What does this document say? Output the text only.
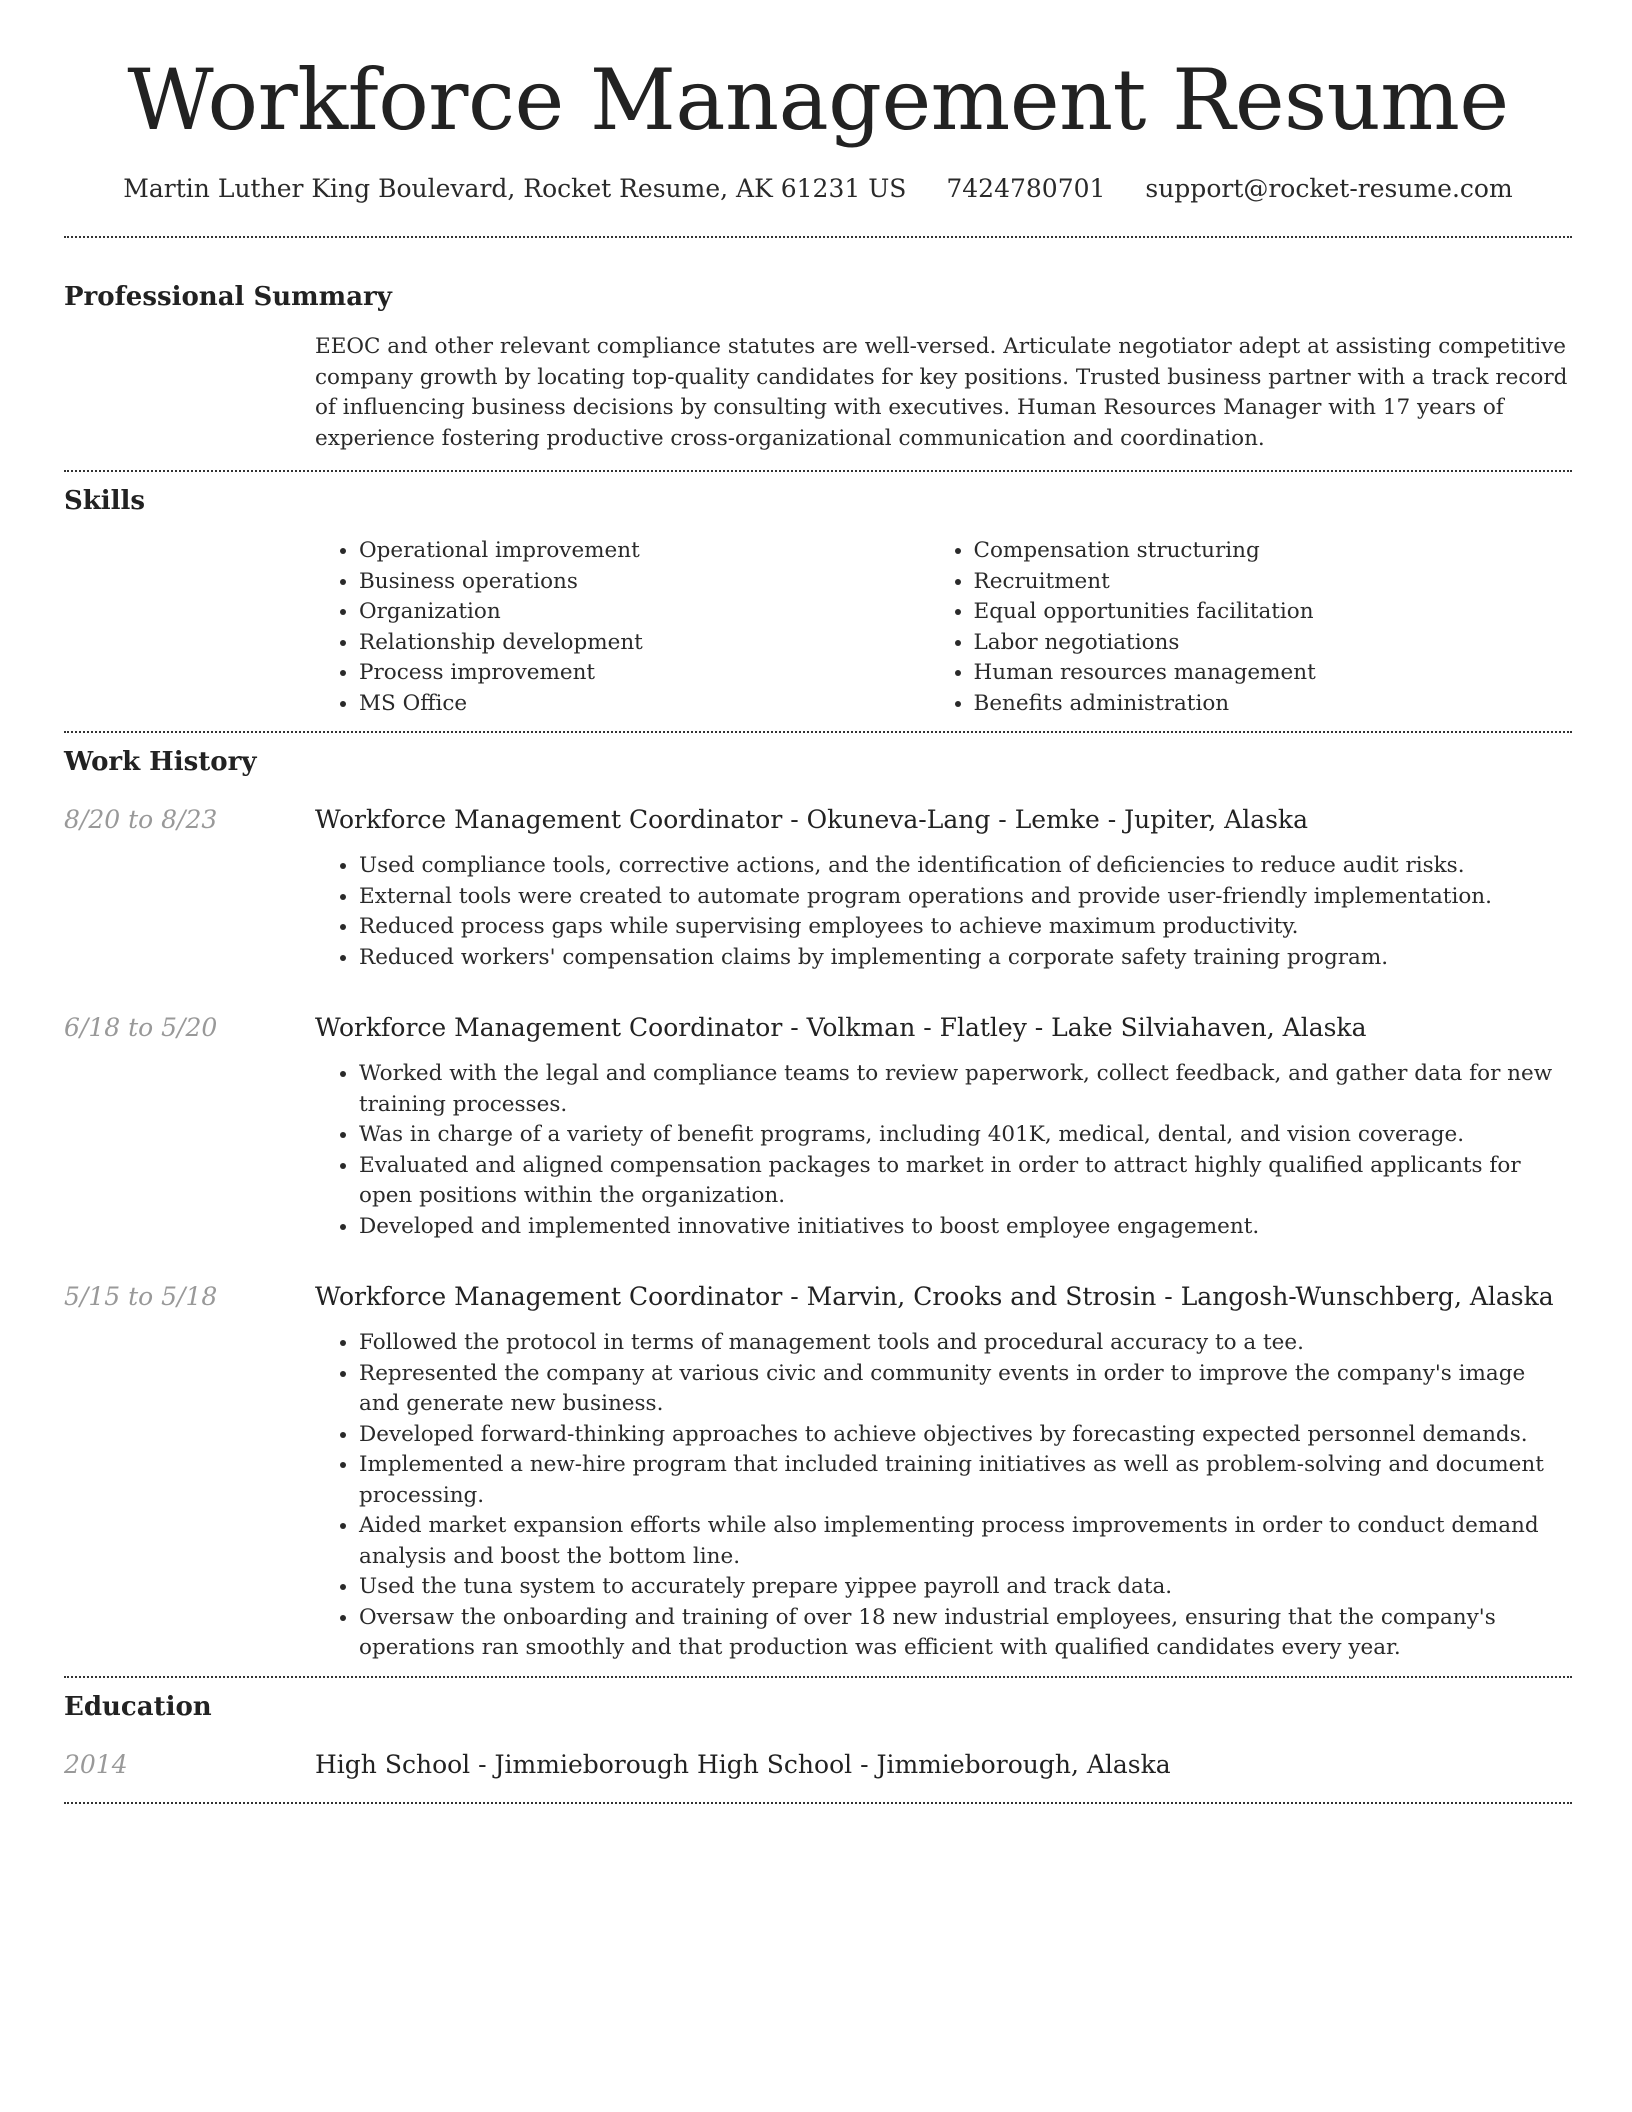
Workforce Management Resume
Martin Luther King Boulevard, Rocket Resume, AK 61231 US 7424780701 support@rocket-resume.com
Professional Summary
EEOC and other relevant compliance statutes are well-versed. Articulate negotiator adept at assisting competitive company growth by locating top-quality candidates for key positions. Trusted business partner with a track record of influencing business decisions by consulting with executives. Human Resources Manager with 17 years of experience fostering productive cross-organizational communication and coordination.
Skills
• Operational improvement
• Business operations
• Organization
• Relationship development
• Process improvement
• MS Office
• Compensation structuring
• Recruitment
• Equal opportunities facilitation
• Labor negotiations
• Human resources management
• Benefits administration
Work History
8/20 to 8/23	Workforce Management Coordinator - Okuneva-Lang - Lemke - Jupiter, Alaska
• Used compliance tools, corrective actions, and the identification of deficiencies to reduce audit risks.
• External tools were created to automate program operations and provide user-friendly implementation.
• Reduced process gaps while supervising employees to achieve maximum productivity.
• Reduced workers' compensation claims by implementing a corporate safety training program.
6/18 to 5/20	Workforce Management Coordinator - Volkman - Flatley - Lake Silviahaven, Alaska
• Worked with the legal and compliance teams to review paperwork, collect feedback, and gather data for new training processes.
• Was in charge of a variety of benefit programs, including 401K, medical, dental, and vision coverage.
• Evaluated and aligned compensation packages to market in order to attract highly qualified applicants for open positions within the organization.
• Developed and implemented innovative initiatives to boost employee engagement.
5/15 to 5/18	Workforce Management Coordinator - Marvin, Crooks and Strosin - Langosh-Wunschberg, Alaska
• Followed the protocol in terms of management tools and procedural accuracy to a tee.
• Represented the company at various civic and community events in order to improve the company's image and generate new business.
• Developed forward-thinking approaches to achieve objectives by forecasting expected personnel demands.
• Implemented a new-hire program that included training initiatives as well as problem-solving and document processing.
• Aided market expansion efforts while also implementing process improvements in order to conduct demand analysis and boost the bottom line.
• Used the tuna system to accurately prepare yippee payroll and track data.
• Oversaw the onboarding and training of over 18 new industrial employees, ensuring that the company's operations ran smoothly and that production was efficient with qualified candidates every year.
Education
2014	High School - Jimmieborough High School - Jimmieborough, Alaska
